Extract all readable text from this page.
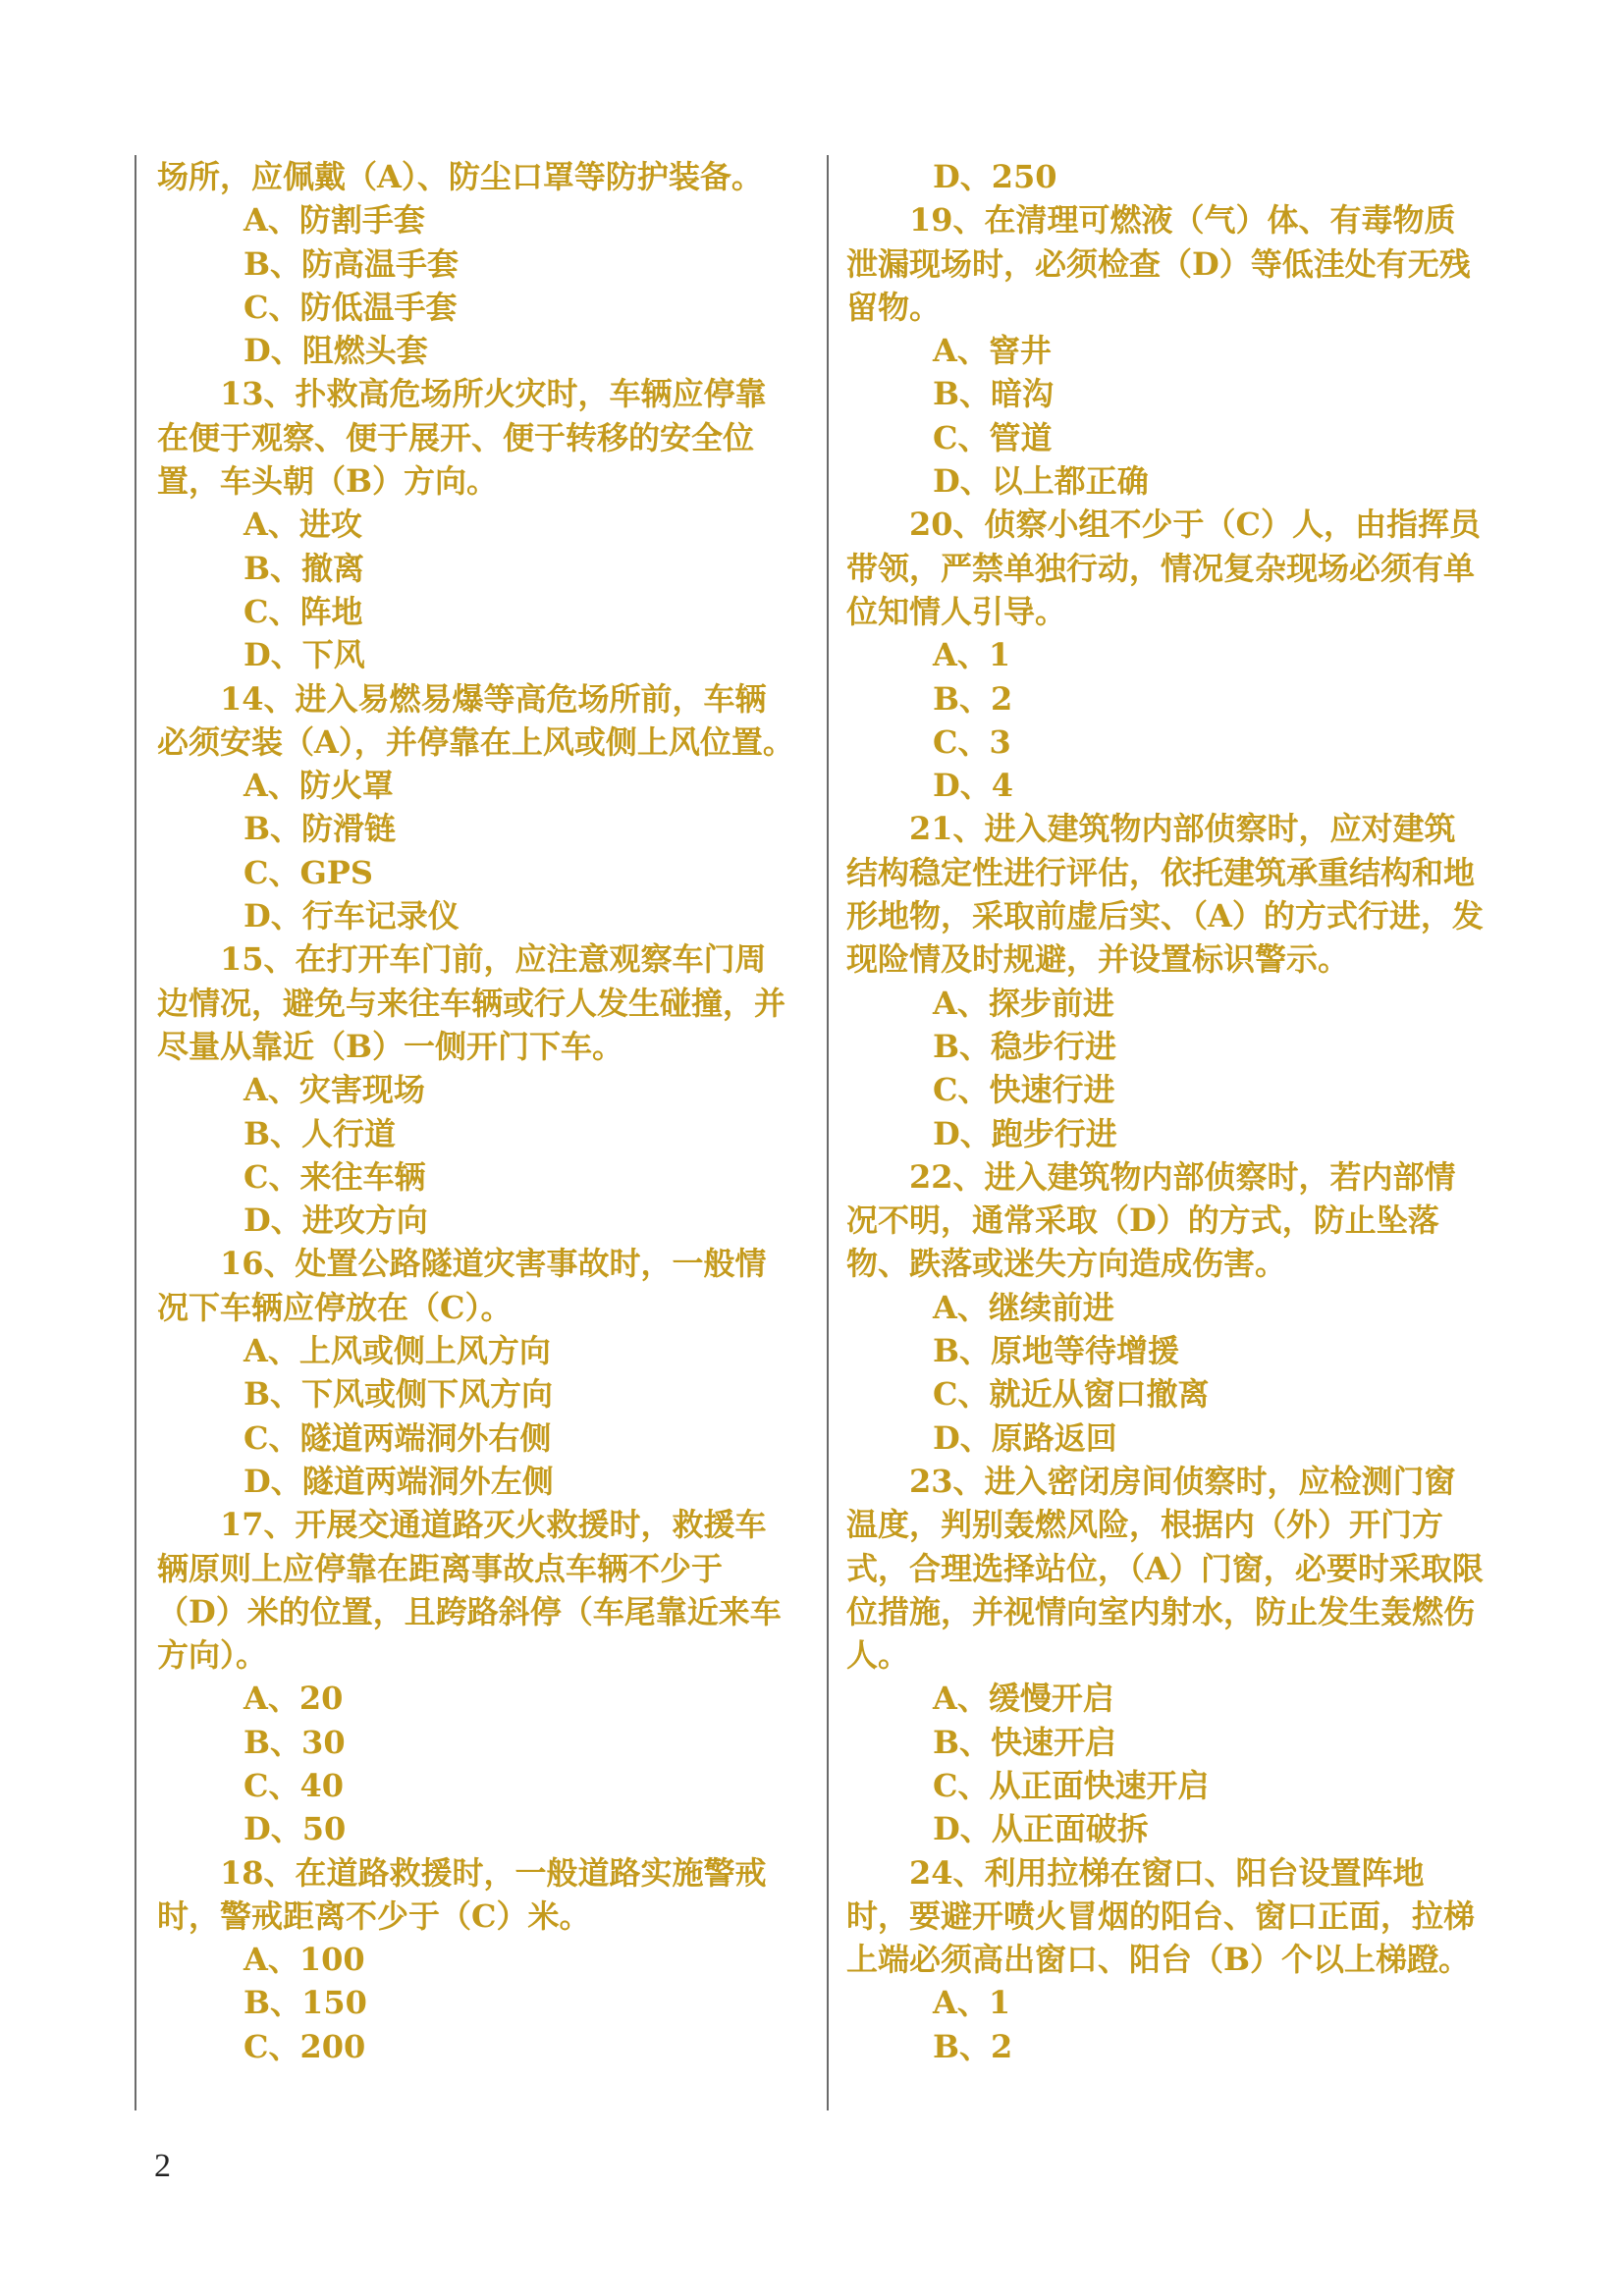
场所，应佩戴（A）、防尘口罩等防护装备。

A、防割手套

B、防高温手套

C、防低温手套

D、阻燃头套

13、扑救高危场所火灾时，车辆应停靠在便于观察、便于展开、便于转移的安全位置，车头朝（B）方向。

A、进攻

B、撤离

C、阵地

D、下风

14、进入易燃易爆等高危场所前，车辆必须安装（A），并停靠在上风或侧上风位置。

A、防火罩

B、防滑链

C、GPS

D、行车记录仪

15、在打开车门前，应注意观察车门周边情况，避免与来往车辆或行人发生碰撞，并尽量从靠近（B）一侧开门下车。

A、灾害现场

B、人行道

C、来往车辆

D、进攻方向

16、处置公路隧道灾害事故时，一般情况下车辆应停放在（C）。

A、上风或侧上风方向

B、下风或侧下风方向

C、隧道两端洞外右侧

D、隧道两端洞外左侧

17、开展交通道路灭火救援时，救援车辆原则上应停靠在距离事故点车辆不少于（D）米的位置，且跨路斜停（车尾靠近来车方向）。

A、20

B、30

C、40

D、50

18、在道路救援时，一般道路实施警戒时，警戒距离不少于（C）米。

A、100

B、150

C、200

D、250

19、在清理可燃液（气）体、有毒物质泄漏现场时，必须检查（D）等低洼处有无残留物。

A、窨井

B、暗沟

C、管道

D、以上都正确

20、侦察小组不少于（C）人，由指挥员带领，严禁单独行动，情况复杂现场必须有单位知情人引导。

A、1

B、2

C、3

D、4

21、进入建筑物内部侦察时，应对建筑结构稳定性进行评估，依托建筑承重结构和地形地物，采取前虚后实、（A）的方式行进，发现险情及时规避，并设置标识警示。

A、探步前进

B、稳步行进

C、快速行进

D、跑步行进

22、进入建筑物内部侦察时，若内部情况不明，通常采取（D）的方式，防止坠落物、跌落或迷失方向造成伤害。

A、继续前进

B、原地等待增援

C、就近从窗口撤离

D、原路返回

23、进入密闭房间侦察时，应检测门窗温度，判别轰燃风险，根据内（外）开门方式，合理选择站位，（A）门窗，必要时采取限位措施，并视情向室内射水，防止发生轰燃伤人。

A、缓慢开启

B、快速开启

C、从正面快速开启

D、从正面破拆

24、利用拉梯在窗口、阳台设置阵地时，要避开喷火冒烟的阳台、窗口正面，拉梯上端必须高出窗口、阳台（B）个以上梯蹬。

A、1

B、2

2
